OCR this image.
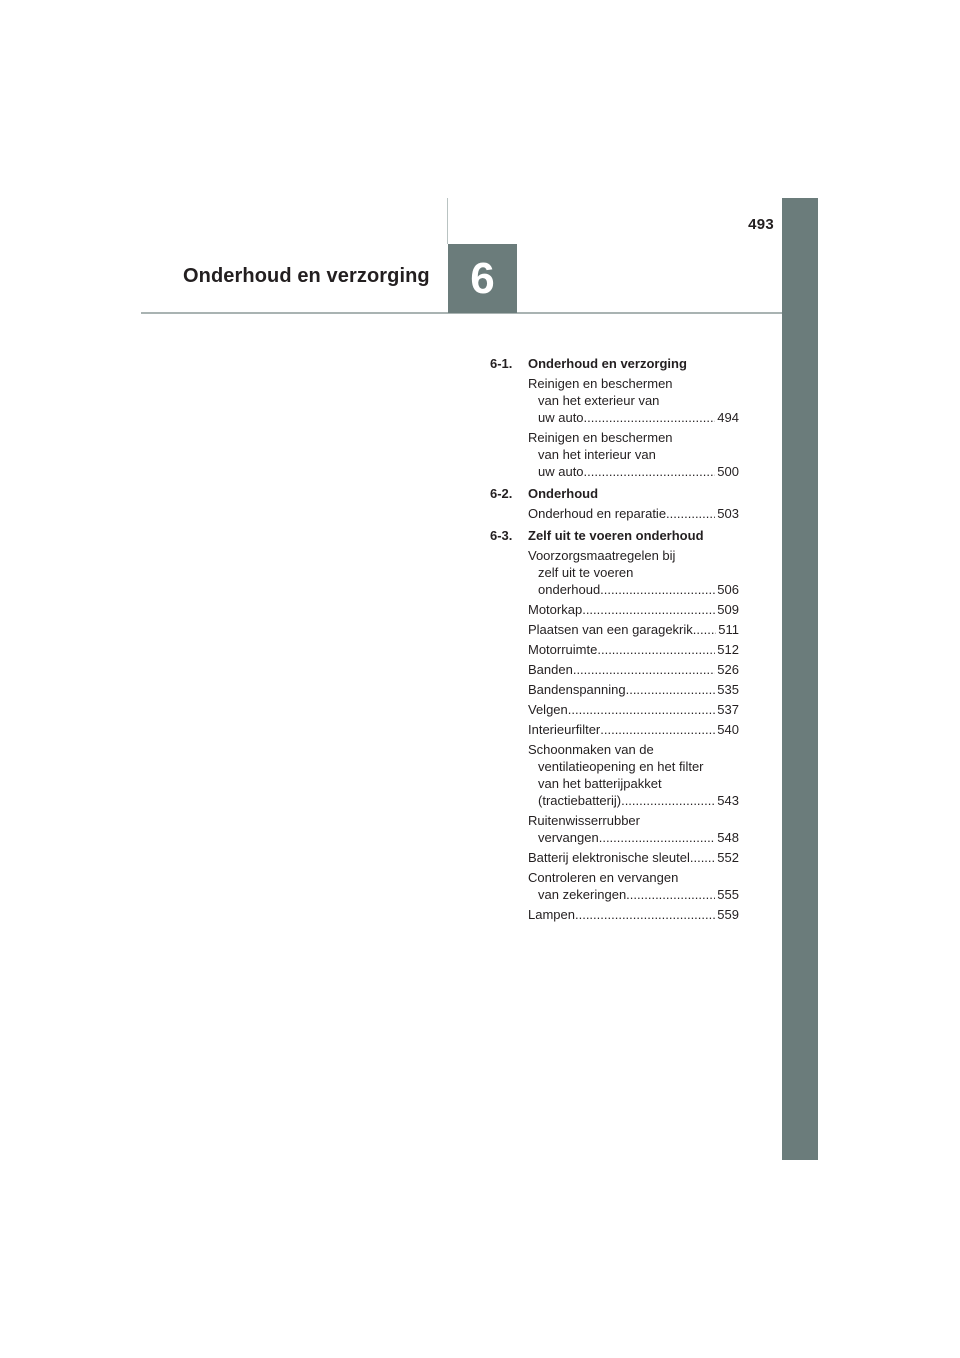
6
493
Onderhoud en verzorging
6-1.	Onderhoud en verzorging
Reinigen en beschermen
van het exterieur van
uw auto .....	494
Reinigen en beschermen
van het interieur van
uw auto .....	500
6-2.	Onderhoud
Onderhoud en reparatie .....	503
6-3.	Zelf uit te voeren onderhoud
Voorzorgsmaatregelen bij
zelf uit te voeren
onderhoud .....	506
Motorkap .....	509
Plaatsen van een garagekrik ..... 511
Motorruimte .....	512
Banden .....	526
Bandenspanning .....	535
Velgen .....	537
Interieurfilter .....	540
Schoonmaken van de
ventilatieopening en het filter
van het batterijpakket
(tractiebatterij) .....	543
Ruitenwisserrubber
vervangen .....	548
Batterij elektronische sleutel ..... 552
Controleren en vervangen
van zekeringen .....	555
Lampen .....	559
